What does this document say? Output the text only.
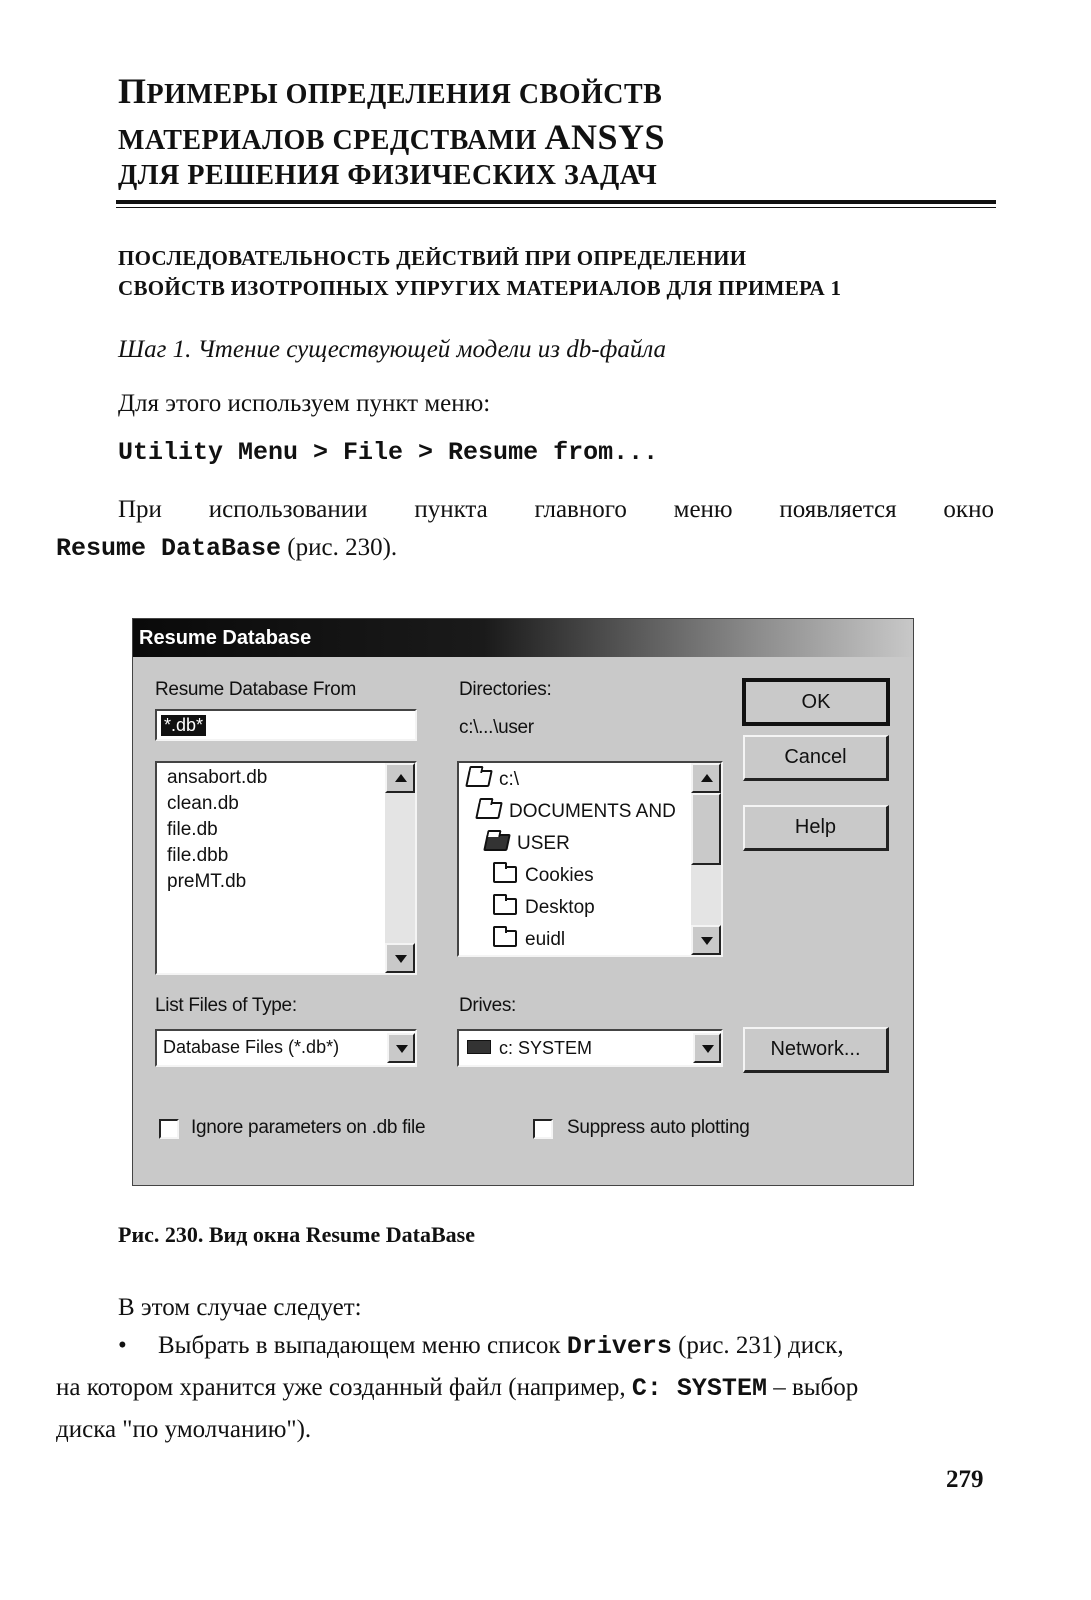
ПРИМЕРЫ ОПРЕДЕЛЕНИЯ СВОЙСТВ
МАТЕРИАЛОВ СРЕДСТВАМИ ANSYS
ДЛЯ РЕШЕНИЯ ФИЗИЧЕСКИХ ЗАДАЧ
ПОСЛЕДОВАТЕЛЬНОСТЬ ДЕЙСТВИЙ ПРИ ОПРЕДЕЛЕНИИ
СВОЙСТВ ИЗОТРОПНЫХ УПРУГИХ МАТЕРИАЛОВ ДЛЯ ПРИМЕРА 1
Шаг 1. Чтение существующей модели из db-файла
Для этого используем пункт меню:
Utility Menu > File > Resume from...
При использовании пункта главного меню появляется окно
Resume DataBase (рис. 230).
Resume Database
Resume Database From
*.db*
ansabort.db
clean.db
file.db
file.dbb
preMT.db
Directories:
c:\...\user
c:\
DOCUMENTS AND
USER
Cookies
Desktop
euidl
OK
Cancel
Help
List Files of Type:
Database Files (*.db*)
Drives:
c: SYSTEM	Network...
Ignore parameters on .db file	Suppress auto plotting
Рис. 230. Вид окна Resume DataBase
В этом случае следует:
• Выбрать в выпадающем меню список Drivers (рис. 231) диск,
на котором хранится уже созданный файл (например, C: SYSTEM – выбор
диска "по умолчанию").
279
